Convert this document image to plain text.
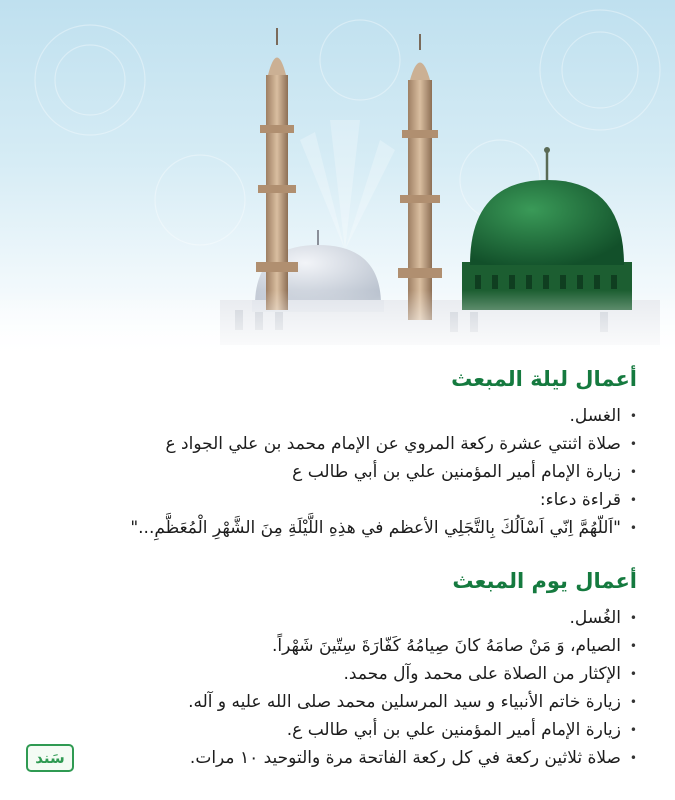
أعمال ليلة المبعث
• الغسل.
• صلاة اثنتي عشرة ركعة المروي عن الإمام محمد بن علي الجواد ع
• زيارة الإمام أمير المؤمنين علي بن أبي طالب ع
• قراءة دعاء:
• "اَللّهُمَّ اِنّي اَسْاَلُكَ بِالتَّجَلِي الأعظم في هذِهِ اللَّيْلَةِ مِنَ الشَّهْرِ الْمُعَظَّمِ..."
أعمال يوم المبعث
• الغُسل.
• الصيام، وَ مَنْ صامَهُ كانَ صِيامُهُ كَفّارَةَ سِتّينَ شَهْراً.
• الإكثار من الصلاة على محمد وآل محمد.
• زيارة خاتم الأنبياء و سيد المرسلين محمد صلى الله عليه و آله.
• زيارة الإمام أمير المؤمنين علي بن أبي طالب ع.
• صلاة ثلاثين ركعة في كل ركعة الفاتحة مرة والتوحيد ١٠ مرات.
سَند
